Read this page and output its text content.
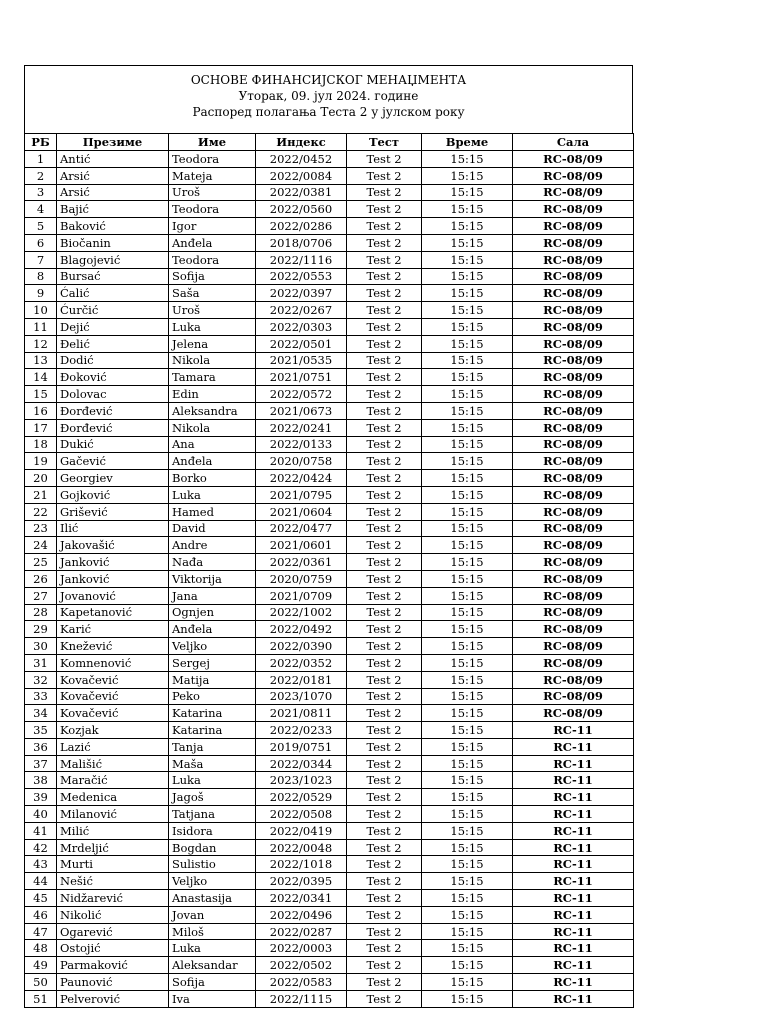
ОСНОВЕ ФИНАНСИЈСКОГ МЕНАЏМЕНТА
Уторак, 09. јул 2024. године
Распоред полагања Теста 2 у јулском року
РБ	Презиме	Име	Индекс	Тест	Време	Сала
1	Antić	Teodora	2022/0452	Test 2	15:15	RC-08/09
2	Arsić	Mateja	2022/0084	Test 2	15:15	RC-08/09
3	Arsić	Uroš	2022/0381	Test 2	15:15	RC-08/09
4	Bajić	Teodora	2022/0560	Test 2	15:15	RC-08/09
5	Baković	Igor	2022/0286	Test 2	15:15	RC-08/09
6	Biočanin	Anđela	2018/0706	Test 2	15:15	RC-08/09
7	Blagojević	Teodora	2022/1116	Test 2	15:15	RC-08/09
8	Bursać	Sofija	2022/0553	Test 2	15:15	RC-08/09
9	Ćalić	Saša	2022/0397	Test 2	15:15	RC-08/09
10	Ćurčić	Uroš	2022/0267	Test 2	15:15	RC-08/09
11	Dejić	Luka	2022/0303	Test 2	15:15	RC-08/09
12	Đelić	Jelena	2022/0501	Test 2	15:15	RC-08/09
13	Dodić	Nikola	2021/0535	Test 2	15:15	RC-08/09
14	Đoković	Tamara	2021/0751	Test 2	15:15	RC-08/09
15	Dolovac	Edin	2022/0572	Test 2	15:15	RC-08/09
16	Đorđević	Aleksandra	2021/0673	Test 2	15:15	RC-08/09
17	Đorđević	Nikola	2022/0241	Test 2	15:15	RC-08/09
18	Dukić	Ana	2022/0133	Test 2	15:15	RC-08/09
19	Gačević	Anđela	2020/0758	Test 2	15:15	RC-08/09
20	Georgiev	Borko	2022/0424	Test 2	15:15	RC-08/09
21	Gojković	Luka	2021/0795	Test 2	15:15	RC-08/09
22	Grišević	Hamed	2021/0604	Test 2	15:15	RC-08/09
23	Ilić	David	2022/0477	Test 2	15:15	RC-08/09
24	Jakovašić	Andre	2021/0601	Test 2	15:15	RC-08/09
25	Janković	Nađa	2022/0361	Test 2	15:15	RC-08/09
26	Janković	Viktorija	2020/0759	Test 2	15:15	RC-08/09
27	Jovanović	Jana	2021/0709	Test 2	15:15	RC-08/09
28	Kapetanović	Ognjen	2022/1002	Test 2	15:15	RC-08/09
29	Karić	Anđela	2022/0492	Test 2	15:15	RC-08/09
30	Knežević	Veljko	2022/0390	Test 2	15:15	RC-08/09
31	Komnenović	Sergej	2022/0352	Test 2	15:15	RC-08/09
32	Kovačević	Matija	2022/0181	Test 2	15:15	RC-08/09
33	Kovačević	Peko	2023/1070	Test 2	15:15	RC-08/09
34	Kovačević	Katarina	2021/0811	Test 2	15:15	RC-08/09
35	Kozjak	Katarina	2022/0233	Test 2	15:15	RC-11
36	Lazić	Tanja	2019/0751	Test 2	15:15	RC-11
37	Mališić	Maša	2022/0344	Test 2	15:15	RC-11
38	Maračić	Luka	2023/1023	Test 2	15:15	RC-11
39	Medenica	Jagoš	2022/0529	Test 2	15:15	RC-11
40	Milanović	Tatjana	2022/0508	Test 2	15:15	RC-11
41	Milić	Isidora	2022/0419	Test 2	15:15	RC-11
42	Mrdeljić	Bogdan	2022/0048	Test 2	15:15	RC-11
43	Murti	Sulistio	2022/1018	Test 2	15:15	RC-11
44	Nešić	Veljko	2022/0395	Test 2	15:15	RC-11
45	Nidžarević	Anastasija	2022/0341	Test 2	15:15	RC-11
46	Nikolić	Jovan	2022/0496	Test 2	15:15	RC-11
47	Ogarević	Miloš	2022/0287	Test 2	15:15	RC-11
48	Ostojić	Luka	2022/0003	Test 2	15:15	RC-11
49	Parmaković	Aleksandar	2022/0502	Test 2	15:15	RC-11
50	Paunović	Sofija	2022/0583	Test 2	15:15	RC-11
51	Pelverović	Iva	2022/1115	Test 2	15:15	RC-11
